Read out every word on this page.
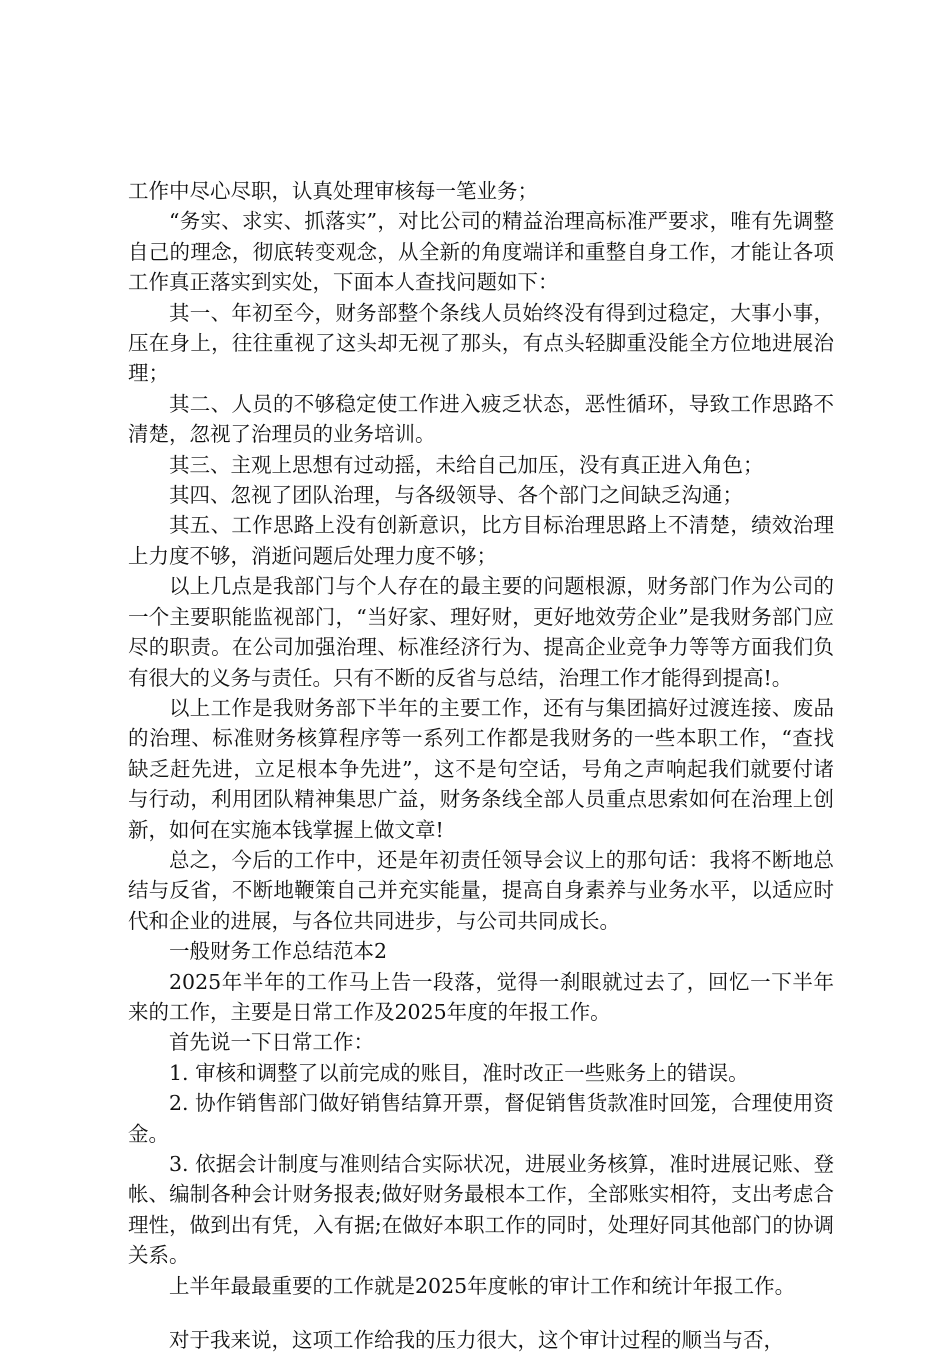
工作中尽心尽职，认真处理审核每一笔业务；

“务实、求实、抓落实”，对比公司的精益治理高标准严要求，唯有先调整自己的理念，彻底转变观念，从全新的角度端详和重整自身工作，才能让各项工作真正落实到实处，下面本人查找问题如下：

其一、年初至今，财务部整个条线人员始终没有得到过稳定，大事小事，压在身上，往往重视了这头却无视了那头，有点头轻脚重没能全方位地进展治理；

其二、人员的不够稳定使工作进入疲乏状态，恶性循环，导致工作思路不清楚，忽视了治理员的业务培训。

其三、主观上思想有过动摇，未给自己加压，没有真正进入角色；

其四、忽视了团队治理，与各级领导、各个部门之间缺乏沟通；

其五、工作思路上没有创新意识，比方目标治理思路上不清楚，绩效治理上力度不够，消逝问题后处理力度不够；

以上几点是我部门与个人存在的最主要的问题根源，财务部门作为公司的一个主要职能监视部门，“当好家、理好财，更好地效劳企业”是我财务部门应尽的职责。在公司加强治理、标准经济行为、提高企业竞争力等等方面我们负有很大的义务与责任。只有不断的反省与总结，治理工作才能得到提高!。

以上工作是我财务部下半年的主要工作，还有与集团搞好过渡连接、废品的治理、标准财务核算程序等一系列工作都是我财务的一些本职工作，“查找缺乏赶先进，立足根本争先进”，这不是句空话，号角之声响起我们就要付诸与行动，利用团队精神集思广益，财务条线全部人员重点思索如何在治理上创新，如何在实施本钱掌握上做文章!

总之，今后的工作中，还是年初责任领导会议上的那句话：我将不断地总结与反省，不断地鞭策自己并充实能量，提高自身素养与业务水平，以适应时代和企业的进展，与各位共同进步，与公司共同成长。

一般财务工作总结范本2

2025年半年的工作马上告一段落，觉得一刹眼就过去了，回忆一下半年来的工作，主要是日常工作及2025年度的年报工作。

首先说一下日常工作：

1. 审核和调整了以前完成的账目，准时改正一些账务上的错误。

2. 协作销售部门做好销售结算开票，督促销售货款准时回笼，合理使用资金。

3. 依据会计制度与准则结合实际状况，进展业务核算，准时进展记账、登帐、编制各种会计财务报表;做好财务最根本工作，全部账实相符，支出考虑合理性，做到出有凭，入有据;在做好本职工作的同时，处理好同其他部门的协调关系。

上半年最最重要的工作就是2025年度帐的审计工作和统计年报工作。

对于我来说，这项工作给我的压力很大，这个审计过程的顺当与否，
